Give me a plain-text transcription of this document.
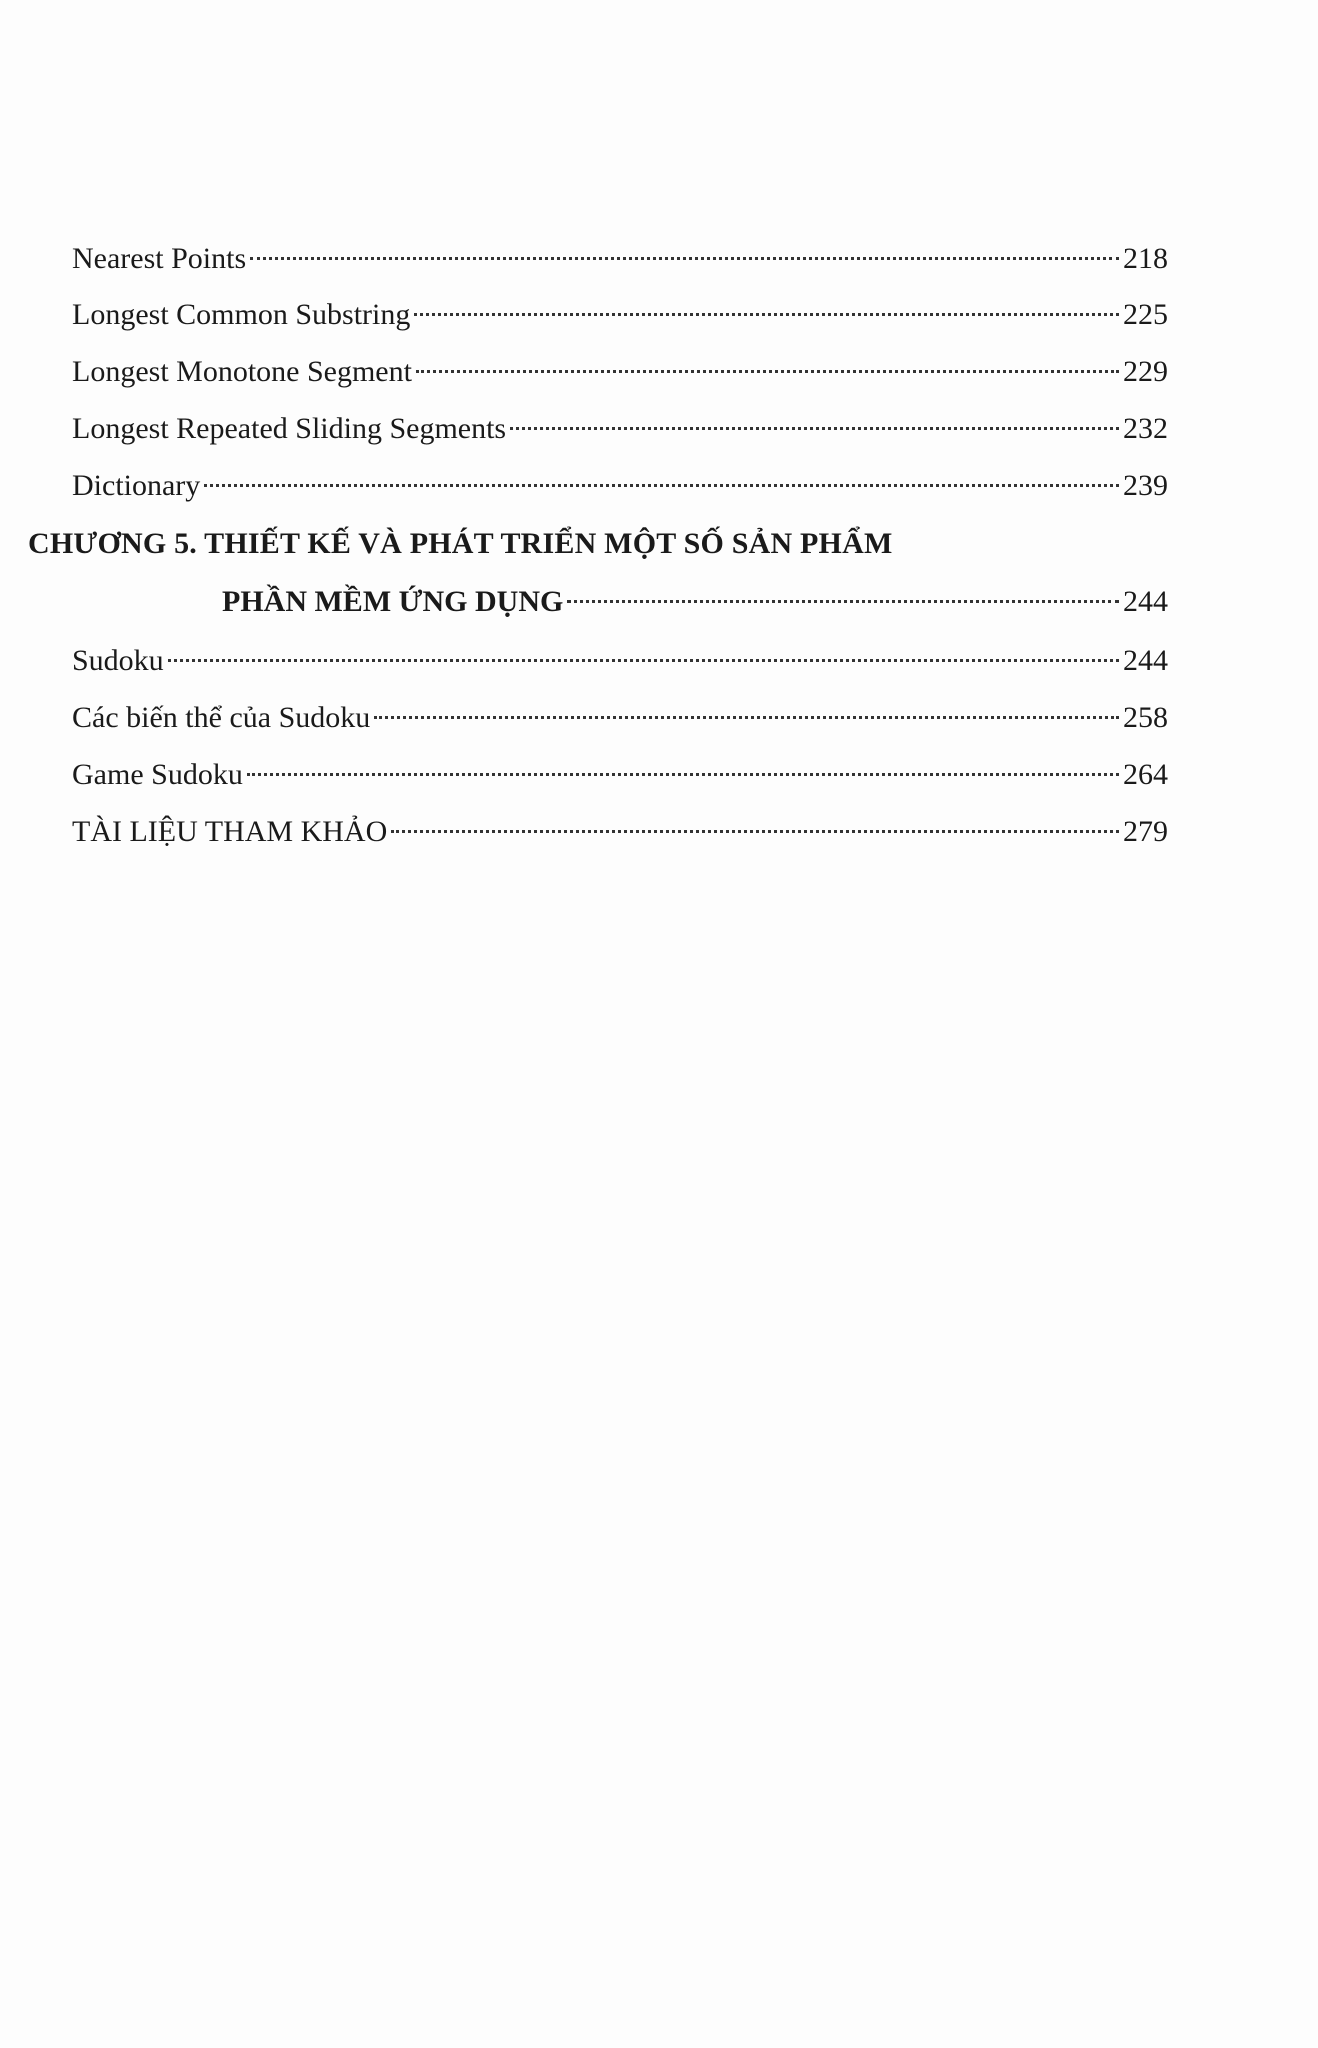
Nearest Points	218
Longest Common Substring	225
Longest Monotone Segment	229
Longest Repeated Sliding Segments	232
Dictionary	239
CHƯƠNG 5. THIẾT KẾ VÀ PHÁT TRIỂN MỘT SỐ SẢN PHẨM
PHẦN MỀM ỨNG DỤNG	244
Sudoku	244
Các biến thể của Sudoku	258
Game Sudoku	264
TÀI LIỆU THAM KHẢO	279
